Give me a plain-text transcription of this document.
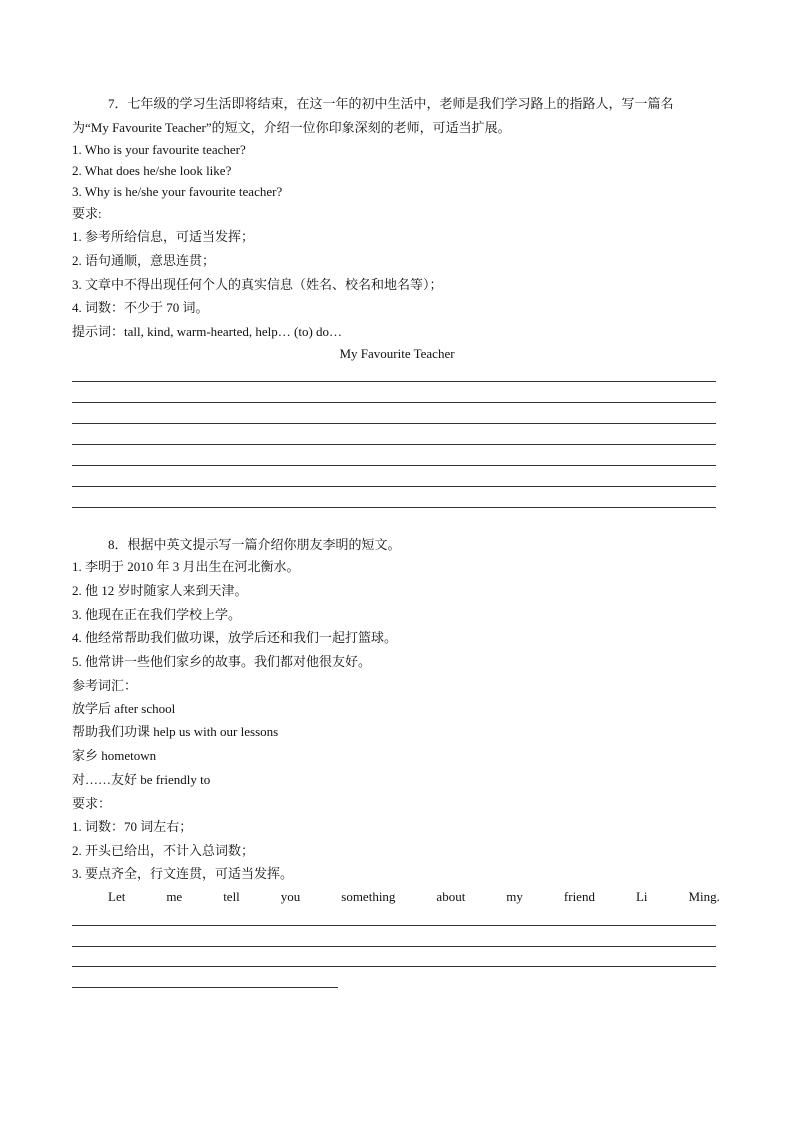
7．七年级的学习生活即将结束，在这一年的初中生活中，老师是我们学习路上的指路人，写一篇名
为“My Favourite Teacher”的短文，介绍一位你印象深刻的老师，可适当扩展。
1. Who is your favourite teacher?
2. What does he/she look like?
3. Why is he/she your favourite teacher?
要求:
1. 参考所给信息，可适当发挥；
2. 语句通顺，意思连贯；
3. 文章中不得出现任何个人的真实信息（姓名、校名和地名等）；
4. 词数：不少于 70 词。
提示词：tall, kind, warm-hearted, help… (to) do…
My Favourite Teacher
8．根据中英文提示写一篇介绍你朋友李明的短文。
1. 李明于 2010 年 3 月出生在河北衡水。
2. 他 12 岁时随家人来到天津。
3. 他现在正在我们学校上学。
4. 他经常帮助我们做功课，放学后还和我们一起打篮球。
5. 他常讲一些他们家乡的故事。我们都对他很友好。
参考词汇：
放学后 after school
帮助我们功课 help us with our lessons
家乡 hometown
对……友好 be friendly to
要求：
1. 词数：70 词左右；
2. 开头已给出，不计入总词数；
3. 要点齐全，行文连贯，可适当发挥。
Let	me	tell	you	something	about	my	friend	Li	Ming.
